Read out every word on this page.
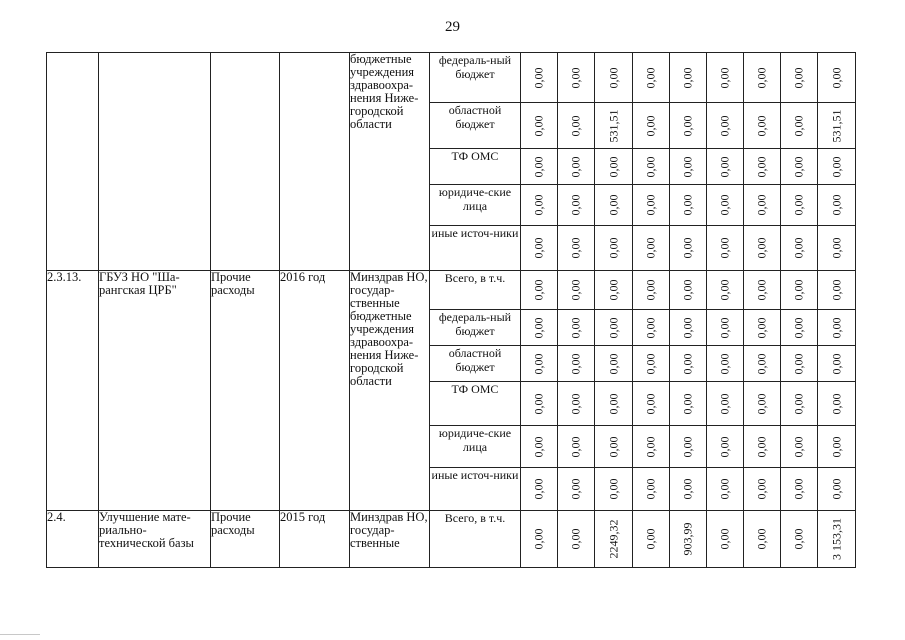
29
				бюджетные учреждения здравоохра-нения Ниже-городской области	федераль-ный бюджет	0,00	0,00	0,00	0,00	0,00	0,00	0,00	0,00	0,00

					областной бюджет	0,00	0,00	531,51	0,00	0,00	0,00	0,00	0,00	531,51

					ТФ ОМС	0,00	0,00	0,00	0,00	0,00	0,00	0,00	0,00	0,00

					юридиче-ские лица	0,00	0,00	0,00	0,00	0,00	0,00	0,00	0,00	0,00

					иные источ-ники	0,00	0,00	0,00	0,00	0,00	0,00	0,00	0,00	0,00

2.3.13.	ГБУЗ НО "Ша-рангская ЦРБ"	Прочие расходы	2016 год	Минздрав НО, государ-ственные бюджетные учреждения здравоохра-нения Ниже-городской области	Всего, в т.ч.	0,00	0,00	0,00	0,00	0,00	0,00	0,00	0,00	0,00

					федераль-ный бюджет	0,00	0,00	0,00	0,00	0,00	0,00	0,00	0,00	0,00

					областной бюджет	0,00	0,00	0,00	0,00	0,00	0,00	0,00	0,00	0,00

					ТФ ОМС	0,00	0,00	0,00	0,00	0,00	0,00	0,00	0,00	0,00

					юридиче-ские лица	0,00	0,00	0,00	0,00	0,00	0,00	0,00	0,00	0,00

					иные источ-ники	0,00	0,00	0,00	0,00	0,00	0,00	0,00	0,00	0,00

2.4.	Улучшение мате-риально-технической базы	Прочие расходы	2015 год	Минздрав НО, государ-ственные	Всего, в т.ч.	0,00	0,00	2249,32	0,00	903,99	0,00	0,00	0,00	3 153,31
